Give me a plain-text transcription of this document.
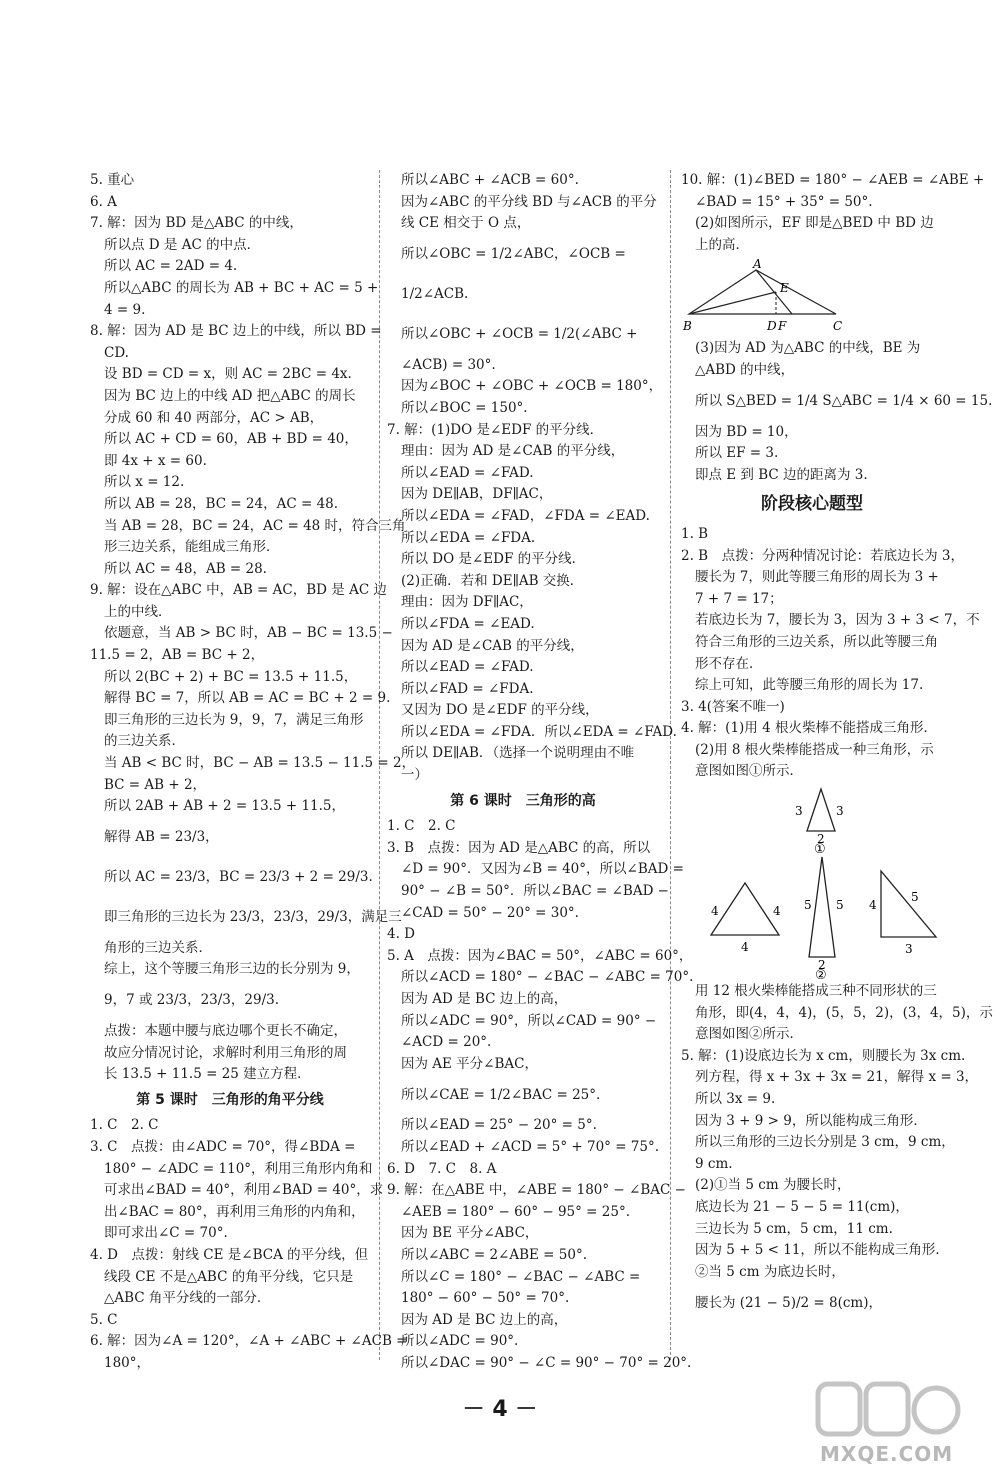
5. 重心
6. A
7. 解：因为 BD 是△ABC 的中线，
所以点 D 是 AC 的中点．
所以 AC = 2AD = 4.
所以△ABC 的周长为 AB + BC + AC = 5 +
4 = 9.
8. 解：因为 AD 是 BC 边上的中线，所以 BD =
CD.
设 BD = CD = x，则 AC = 2BC = 4x.
因为 BC 边上的中线 AD 把△ABC 的周长
分成 60 和 40 两部分，AC > AB，
所以 AC + CD = 60，AB + BD = 40，
即 4x + x = 60.
所以 x = 12.
所以 AB = 28，BC = 24，AC = 48.
当 AB = 28，BC = 24，AC = 48 时，符合三角
形三边关系，能组成三角形．
所以 AC = 48，AB = 28.
9. 解：设在△ABC 中，AB = AC，BD 是 AC 边
上的中线．
依题意，当 AB > BC 时，AB − BC = 13.5 −
11.5 = 2，AB = BC + 2，
所以 2(BC + 2) + BC = 13.5 + 11.5，
解得 BC = 7，所以 AB = AC = BC + 2 = 9.
即三角形的三边长为 9，9，7，满足三角形
的三边关系．
当 AB < BC 时，BC − AB = 13.5 − 11.5 = 2，
BC = AB + 2，
所以 2AB + AB + 2 = 13.5 + 11.5，
解得 AB = 23/3，
所以 AC = 23/3，BC = 23/3 + 2 = 29/3.
即三角形的三边长为 23/3，23/3，29/3，满足三
角形的三边关系．
综上，这个等腰三角形三边的长分别为 9，
9，7 或 23/3，23/3，29/3.
点拨：本题中腰与底边哪个更长不确定，
故应分情况讨论，求解时利用三角形的周
长 13.5 + 11.5 = 25 建立方程．
第 5 课时　三角形的角平分线
1. C　2. C
3. C　点拨：由∠ADC = 70°，得∠BDA =
180° − ∠ADC = 110°，利用三角形内角和
可求出∠BAD = 40°，利用∠BAD = 40°，求
出∠BAC = 80°，再利用三角形的内角和，
即可求出∠C = 70°.
4. D　点拨：射线 CE 是∠BCA 的平分线，但
线段 CE 不是△ABC 的角平分线，它只是
△ABC 角平分线的一部分．
5. C
6. 解：因为∠A = 120°，∠A + ∠ABC + ∠ACB =
180°，
所以∠ABC + ∠ACB = 60°.
因为∠ABC 的平分线 BD 与∠ACB 的平分
线 CE 相交于 O 点，
所以∠OBC = 1/2∠ABC，∠OCB =
1/2∠ACB.
所以∠OBC + ∠OCB = 1/2(∠ABC +
∠ACB) = 30°.
因为∠BOC + ∠OBC + ∠OCB = 180°，
所以∠BOC = 150°.
7. 解：(1)DO 是∠EDF 的平分线．
理由：因为 AD 是∠CAB 的平分线，
所以∠EAD = ∠FAD.
因为 DE∥AB，DF∥AC，
所以∠EDA = ∠FAD，∠FDA = ∠EAD.
所以∠EDA = ∠FDA.
所以 DO 是∠EDF 的平分线．
(2)正确．若和 DE∥AB 交换．
理由：因为 DF∥AC，
所以∠FDA = ∠EAD.
因为 AD 是∠CAB 的平分线，
所以∠EAD = ∠FAD.
所以∠FAD = ∠FDA.
又因为 DO 是∠EDF 的平分线，
所以∠EDA = ∠FDA．所以∠EDA = ∠FAD.
所以 DE∥AB．（选择一个说明理由不唯
一）
第 6 课时　三角形的高
1. C　2. C
3. B　点拨：因为 AD 是△ABC 的高，所以
∠D = 90°．又因为∠B = 40°，所以∠BAD =
90° − ∠B = 50°．所以∠BAC = ∠BAD −
∠CAD = 50° − 20° = 30°.
4. D
5. A　点拨：因为∠BAC = 50°，∠ABC = 60°，
所以∠ACD = 180° − ∠BAC − ∠ABC = 70°.
因为 AD 是 BC 边上的高，
所以∠ADC = 90°，所以∠CAD = 90° −
∠ACD = 20°.
因为 AE 平分∠BAC，
所以∠CAE = 1/2∠BAC = 25°.
所以∠EAD = 25° − 20° = 5°.
所以∠EAD + ∠ACD = 5° + 70° = 75°.
6. D　7. C　8. A
9. 解：在△ABE 中，∠ABE = 180° − ∠BAC −
∠AEB = 180° − 60° − 95° = 25°.
因为 BE 平分∠ABC，
所以∠ABC = 2∠ABE = 50°.
所以∠C = 180° − ∠BAC − ∠ABC =
180° − 60° − 50° = 70°.
因为 AD 是 BC 边上的高，
所以∠ADC = 90°.
所以∠DAC = 90° − ∠C = 90° − 70° = 20°.
10. 解：(1)∠BED = 180° − ∠AEB = ∠ABE +
∠BAD = 15° + 35° = 50°.
(2)如图所示，EF 即是△BED 中 BD 边
上的高．
A
E
B	D F	C
(3)因为 AD 为△ABC 的中线，BE 为
△ABD 的中线，
所以 S△BED = 1/4 S△ABC = 1/4 × 60 = 15.
因为 BD = 10，
所以 EF = 3.
即点 E 到 BC 边的距离为 3.
阶段核心题型
1. B
2. B　点拨：分两种情况讨论：若底边长为 3，
腰长为 7，则此等腰三角形的周长为 3 +
7 + 7 = 17；
若底边长为 7，腰长为 3，因为 3 + 3 < 7，不
符合三角形的三边关系，所以此等腰三角
形不存在．
综上可知，此等腰三角形的周长为 17.
3. 4(答案不唯一)
4. 解：(1)用 4 根火柴棒不能搭成三角形．
(2)用 8 根火柴棒能搭成一种三角形，示
意图如图①所示．
3	3
2
①
4	4
4
5 5
2
②
4
5
3
用 12 根火柴棒能搭成三种不同形状的三
角形，即(4，4，4)，(5，5，2)，(3，4，5)，示
意图如图②所示．
5. 解：(1)设底边长为 x cm，则腰长为 3x cm.
列方程，得 x + 3x + 3x = 21，解得 x = 3，
所以 3x = 9.
因为 3 + 9 > 9，所以能构成三角形．
所以三角形的三边长分别是 3 cm，9 cm，
9 cm.
(2)①当 5 cm 为腰长时，
底边长为 21 − 5 − 5 = 11(cm)，
三边长为 5 cm，5 cm，11 cm.
因为 5 + 5 < 11，所以不能构成三角形．
②当 5 cm 为底边长时，
腰长为 (21 − 5)/2 = 8(cm)，
－ 4 －
MXQE.COM
